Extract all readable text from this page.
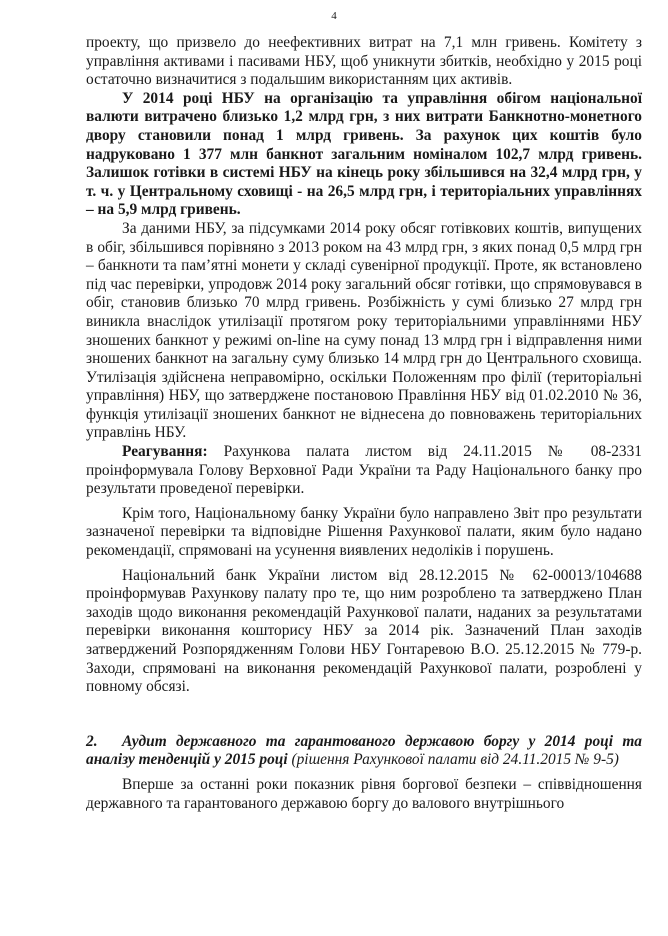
4

проекту, що призвело до неефективних витрат на 7,1 млн гривень. Комітету з управління активами і пасивами НБУ, щоб уникнути збитків, необхідно у 2015 році остаточно визначитися з подальшим використанням цих активів.

У 2014 році НБУ на організацію та управління обігом національної валюти витрачено близько 1,2 млрд грн, з них витрати Банкнотно-монетного двору становили понад 1 млрд гривень. За рахунок цих коштів було надруковано 1 377 млн банкнот загальним номіналом 102,7 млрд гривень. Залишок готівки в системі НБУ на кінець року збільшився на 32,4 млрд грн, у т. ч. у Центральному сховищі - на 26,5 млрд грн, і територіальних управліннях – на 5,9 млрд гривень.

За даними НБУ, за підсумками 2014 року обсяг готівкових коштів, випущених в обіг, збільшився порівняно з 2013 роком на 43 млрд грн, з яких понад 0,5 млрд грн – банкноти та пам’ятні монети у складі сувенірної продукції. Проте, як встановлено під час перевірки, упродовж 2014 року загальний обсяг готівки, що спрямовувався в обіг, становив близько 70 млрд гривень. Розбіжність у сумі близько 27 млрд грн виникла внаслідок утилізації протягом року територіальними управліннями НБУ зношених банкнот у режимі on-line на суму понад 13 млрд грн і відправлення ними зношених банкнот на загальну суму близько 14 млрд грн до Центрального сховища. Утилізація здійснена неправомірно, оскільки Положенням про філії (територіальні управління) НБУ, що затверджене постановою Правління НБУ від 01.02.2010 № 36, функція утилізації зношених банкнот не віднесена до повноважень територіальних управлінь НБУ.

Реагування: Рахункова палата листом від 24.11.2015 № 08-2331 проінформувала Голову Верховної Ради України та Раду Національного банку про результати проведеної перевірки.

Крім того, Національному банку України було направлено Звіт про результати зазначеної перевірки та відповідне Рішення Рахункової палати, яким було надано рекомендації, спрямовані на усунення виявлених недоліків і порушень.

Національний банк України листом від 28.12.2015 № 62-00013/104688 проінформував Рахункову палату про те, що ним розроблено та затверджено План заходів щодо виконання рекомендацій Рахункової палати, наданих за результатами перевірки виконання кошторису НБУ за 2014 рік. Зазначений План заходів затверджений Розпорядженням Голови НБУ Гонтаревою В.О. 25.12.2015 № 779-р. Заходи, спрямовані на виконання рекомендацій Рахункової палати, розроблені у повному обсязі.

2. Аудит державного та гарантованого державою боргу у 2014 році та аналізу тенденцій у 2015 році (рішення Рахункової палати від 24.11.2015 № 9-5)

Вперше за останні роки показник рівня боргової безпеки – співвідношення державного та гарантованого державою боргу до валового внутрішнього
